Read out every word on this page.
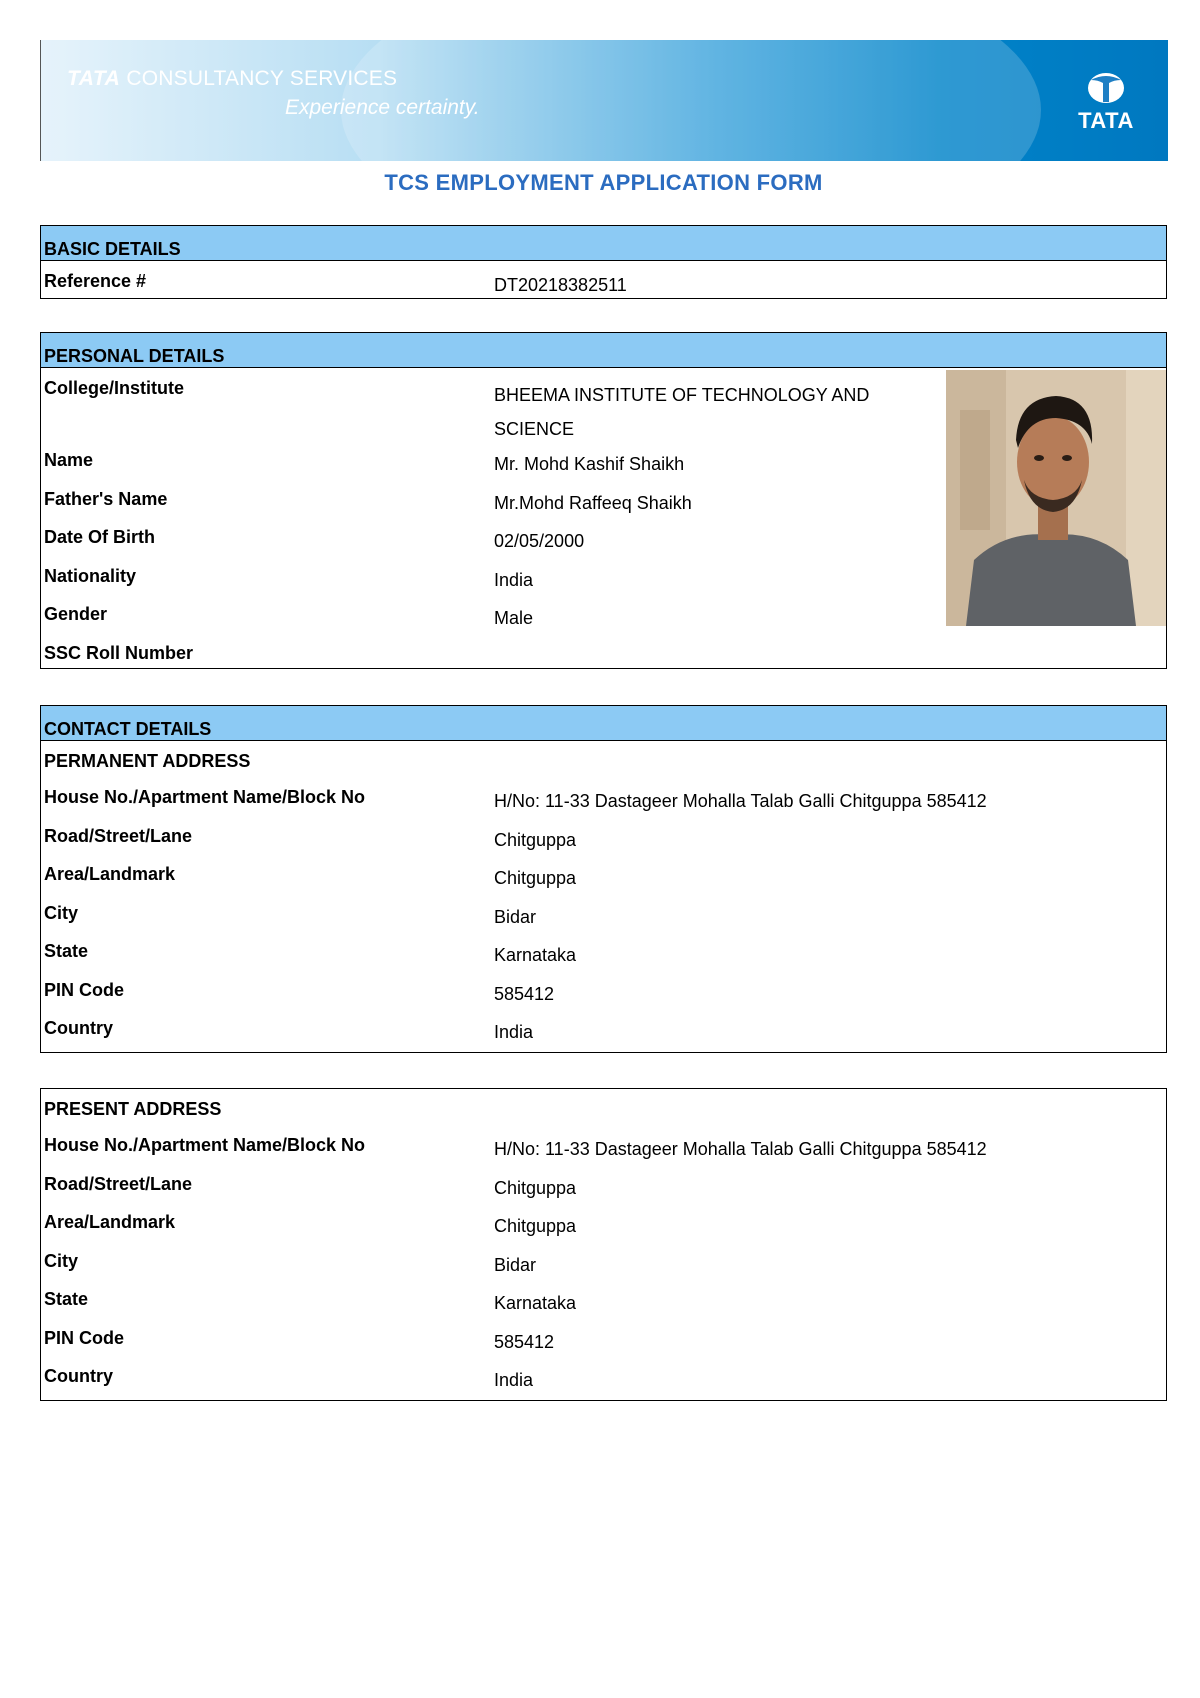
TATA CONSULTANCY SERVICES
Experience certainty.
TATA
TCS EMPLOYMENT APPLICATION FORM
BASIC DETAILS
Reference #	DT20218382511
PERSONAL DETAILS
College/Institute	BHEEMA INSTITUTE OF TECHNOLOGY AND SCIENCE
Name	Mr. Mohd Kashif Shaikh
Father's Name	Mr.Mohd Raffeeq Shaikh
Date Of Birth	02/05/2000
Nationality	India
Gender	Male
SSC Roll Number
CONTACT DETAILS
PERMANENT ADDRESS
House No./Apartment Name/Block No	H/No: 11-33 Dastageer Mohalla Talab Galli Chitguppa 585412
Road/Street/Lane	Chitguppa
Area/Landmark	Chitguppa
City	Bidar
State	Karnataka
PIN Code	585412
Country	India
PRESENT ADDRESS
House No./Apartment Name/Block No	H/No: 11-33 Dastageer Mohalla Talab Galli Chitguppa 585412
Road/Street/Lane	Chitguppa
Area/Landmark	Chitguppa
City	Bidar
State	Karnataka
PIN Code	585412
Country	India
